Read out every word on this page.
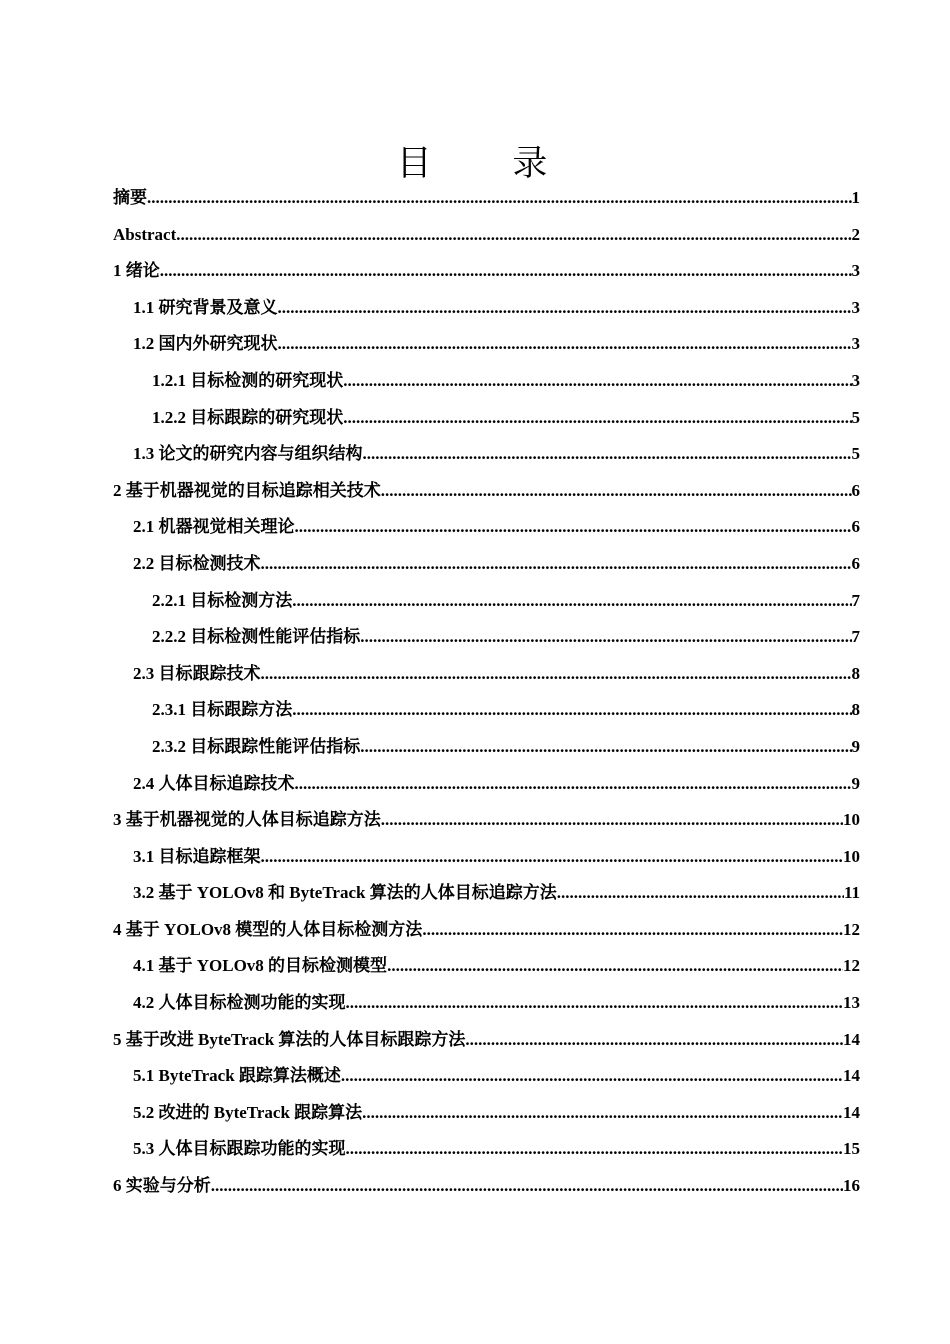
目 录
摘要 .....	1
Abstract .....	2
1 绪论 .....	3
1.1 研究背景及意义 .....	3
1.2 国内外研究现状 .....	3
1.2.1 目标检测的研究现状 .....	3
1.2.2 目标跟踪的研究现状 .....	5
1.3 论文的研究内容与组织结构 .....	5
2 基于机器视觉的目标追踪相关技术 .....	6
2.1 机器视觉相关理论 .....	6
2.2 目标检测技术 .....	6
2.2.1 目标检测方法 .....	7
2.2.2 目标检测性能评估指标 .....	7
2.3 目标跟踪技术 .....	8
2.3.1 目标跟踪方法 .....	8
2.3.2 目标跟踪性能评估指标 .....	9
2.4 人体目标追踪技术 .....	9
3 基于机器视觉的人体目标追踪方法 .....	10
3.1 目标追踪框架 .....	10
3.2 基于 YOLOv8 和 ByteTrack 算法的人体目标追踪方法 .....	11
4 基于 YOLOv8 模型的人体目标检测方法 .....	12
4.1 基于 YOLOv8 的目标检测模型 .....	12
4.2 人体目标检测功能的实现 .....	13
5 基于改进 ByteTrack 算法的人体目标跟踪方法 .....	14
5.1 ByteTrack 跟踪算法概述 .....	14
5.2 改进的 ByteTrack 跟踪算法 .....	14
5.3 人体目标跟踪功能的实现 .....	15
6 实验与分析 .....	16
